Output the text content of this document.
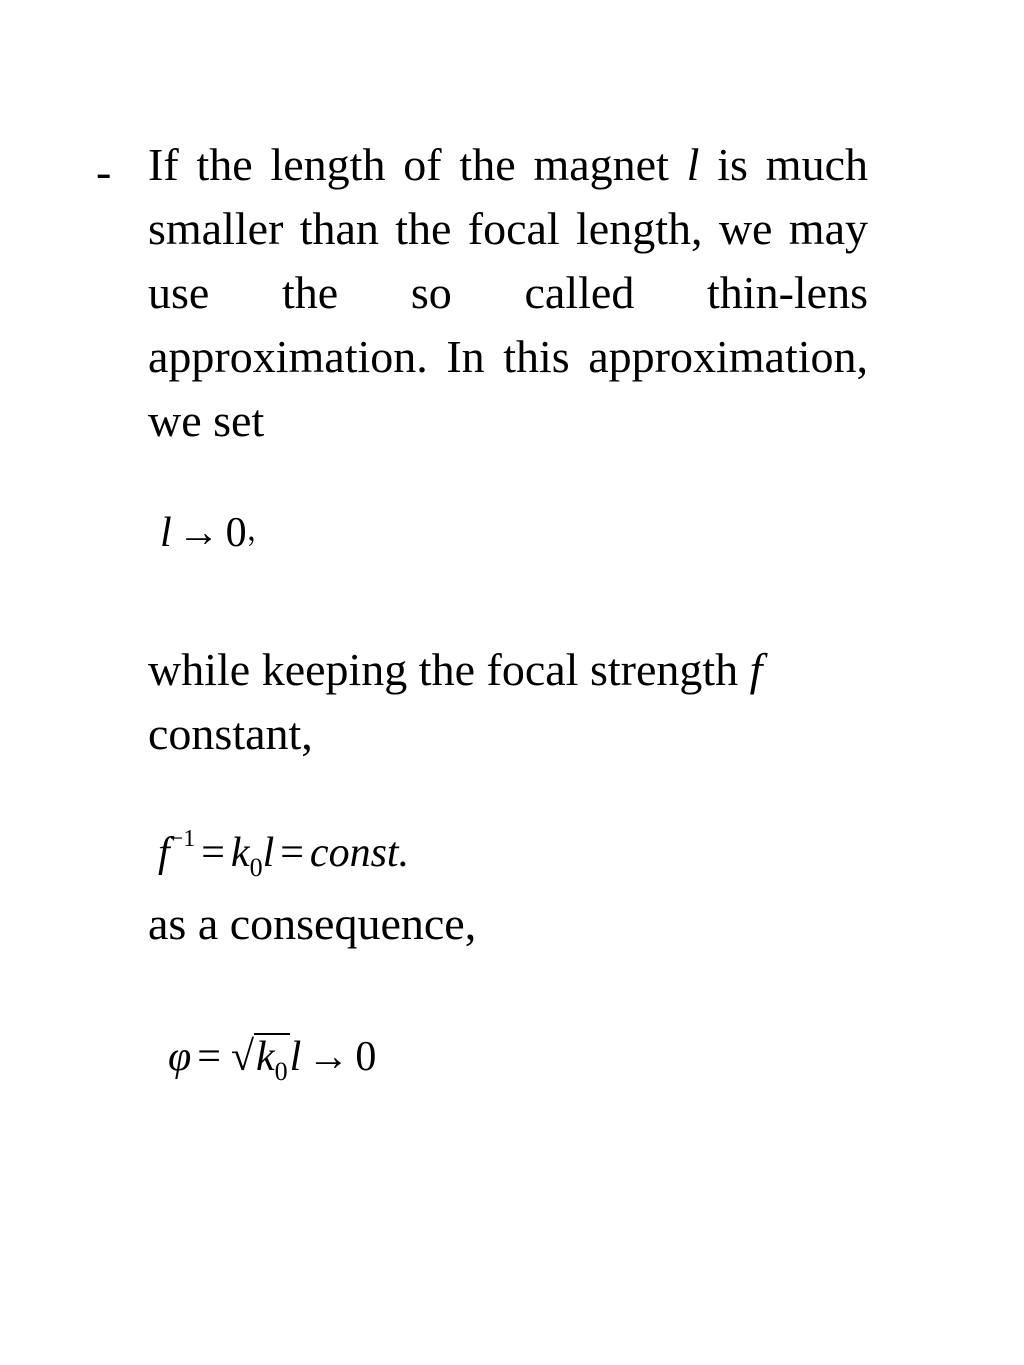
- If the length of the magnet l is much smaller than the focal length, we may use the so called thin-lens approximation. In this approximation, we set

l → 0，

while keeping the focal strength f constant,

$f^{-1} = k_0l$ = const.

as a consequence,

$\varphi = √k_0l \to 0$
